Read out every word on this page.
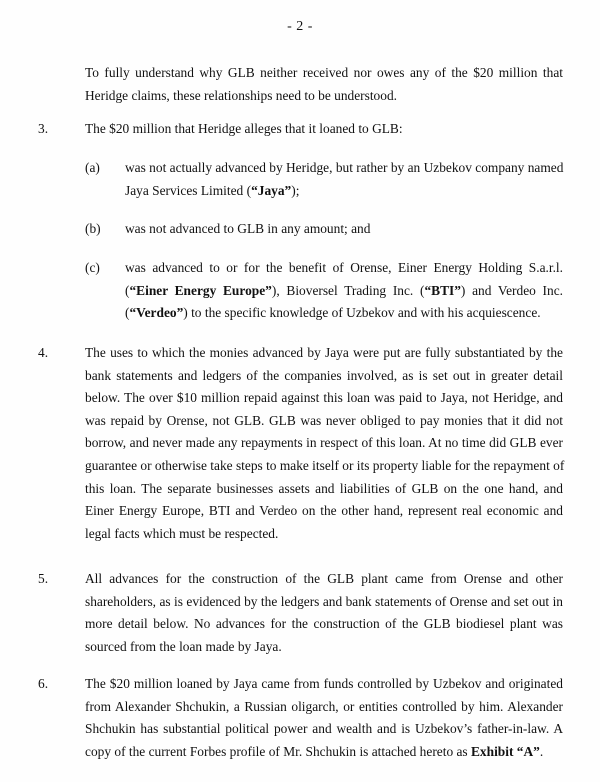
- 2 -
To fully understand why GLB neither received nor owes any of the $20 million that
Heridge claims, these relationships need to be understood.
3.	The $20 million that Heridge alleges that it loaned to GLB:
(a) was not actually advanced by Heridge, but rather by an Uzbekov company named
Jaya Services Limited (“Jaya”);
(b) was not advanced to GLB in any amount; and
(c) was advanced to or for the benefit of Orense, Einer Energy Holding S.a.r.l.
(“Einer Energy Europe”), Bioversel Trading Inc. (“BTI”) and Verdeo Inc.
(“Verdeo”) to the specific knowledge of Uzbekov and with his acquiescence.
4.	The uses to which the monies advanced by Jaya were put are fully substantiated by the
bank statements and ledgers of the companies involved, as is set out in greater detail
below. The over $10 million repaid against this loan was paid to Jaya, not Heridge, and
was repaid by Orense, not GLB. GLB was never obliged to pay monies that it did not
borrow, and never made any repayments in respect of this loan. At no time did GLB ever
guarantee or otherwise take steps to make itself or its property liable for the repayment of
this loan. The separate businesses assets and liabilities of GLB on the one hand, and
Einer Energy Europe, BTI and Verdeo on the other hand, represent real economic and
legal facts which must be respected.
5.	All advances for the construction of the GLB plant came from Orense and other
shareholders, as is evidenced by the ledgers and bank statements of Orense and set out in
more detail below. No advances for the construction of the GLB biodiesel plant was
sourced from the loan made by Jaya.
6.	The $20 million loaned by Jaya came from funds controlled by Uzbekov and originated
from Alexander Shchukin, a Russian oligarch, or entities controlled by him. Alexander
Shchukin has substantial political power and wealth and is Uzbekov’s father-in-law. A
copy of the current Forbes profile of Mr. Shchukin is attached hereto as Exhibit “A”.
